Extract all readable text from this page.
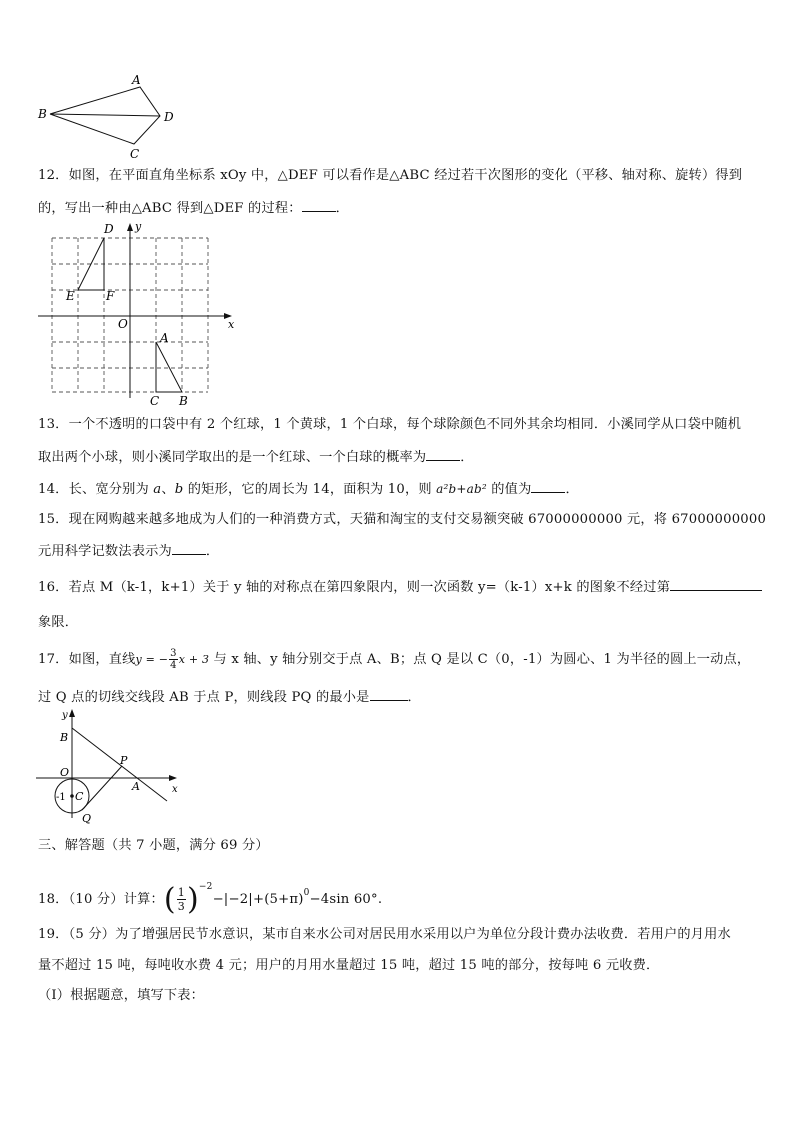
A
B	D
C
12．如图，在平面直角坐标系 xOy 中，△DEF 可以看作是△ABC 经过若干次图形的变化（平移、轴对称、旋转）得到
的，写出一种由△ABC 得到△DEF 的过程：	．
D y
E	F
O	x
A
C B
13．一个不透明的口袋中有 2 个红球，1 个黄球，1 个白球，每个球除颜色不同外其余均相同．小溪同学从口袋中随机
取出两个小球，则小溪同学取出的是一个红球、一个白球的概率为	．
14．长、宽分别为 a、b 的矩形，它的周长为 14，面积为 10，则 a²b+ab² 的值为	．
15．现在网购越来越多地成为人们的一种消费方式，天猫和淘宝的支付交易额突破 67000000000 元，将 67000000000
元用科学记数法表示为	．
16．若点 M（k-1，k+1）关于 y 轴的对称点在第四象限内，则一次函数 y=（k-1）x+k 的图象不经过第
象限．
17．如图，直线y = − $\frac{3}{4}$ x + 3 与 x 轴、y 轴分别交于点 A、B；点 Q 是以 C（0，-1）为圆心、1 为半径的圆上一动点，
过 Q 点的切线交线段 AB 于点 P，则线段 PQ 的最小是	．
y
B
P
O
A	x
-1 C
Q
三、解答题（共 7 小题，满分 69 分）
18．（10 分）计算： ( $\frac{1}{3}$ ) $^{-2}-|-2|+(5+\pi)^0-4\sin$ 60°.
19．（5 分）为了增强居民节水意识，某市自来水公司对居民用水采用以户为单位分段计费办法收费．若用户的月用水
量不超过 15 吨，每吨收水费 4 元；用户的月用水量超过 15 吨，超过 15 吨的部分，按每吨 6 元收费．
（I）根据题意，填写下表：
